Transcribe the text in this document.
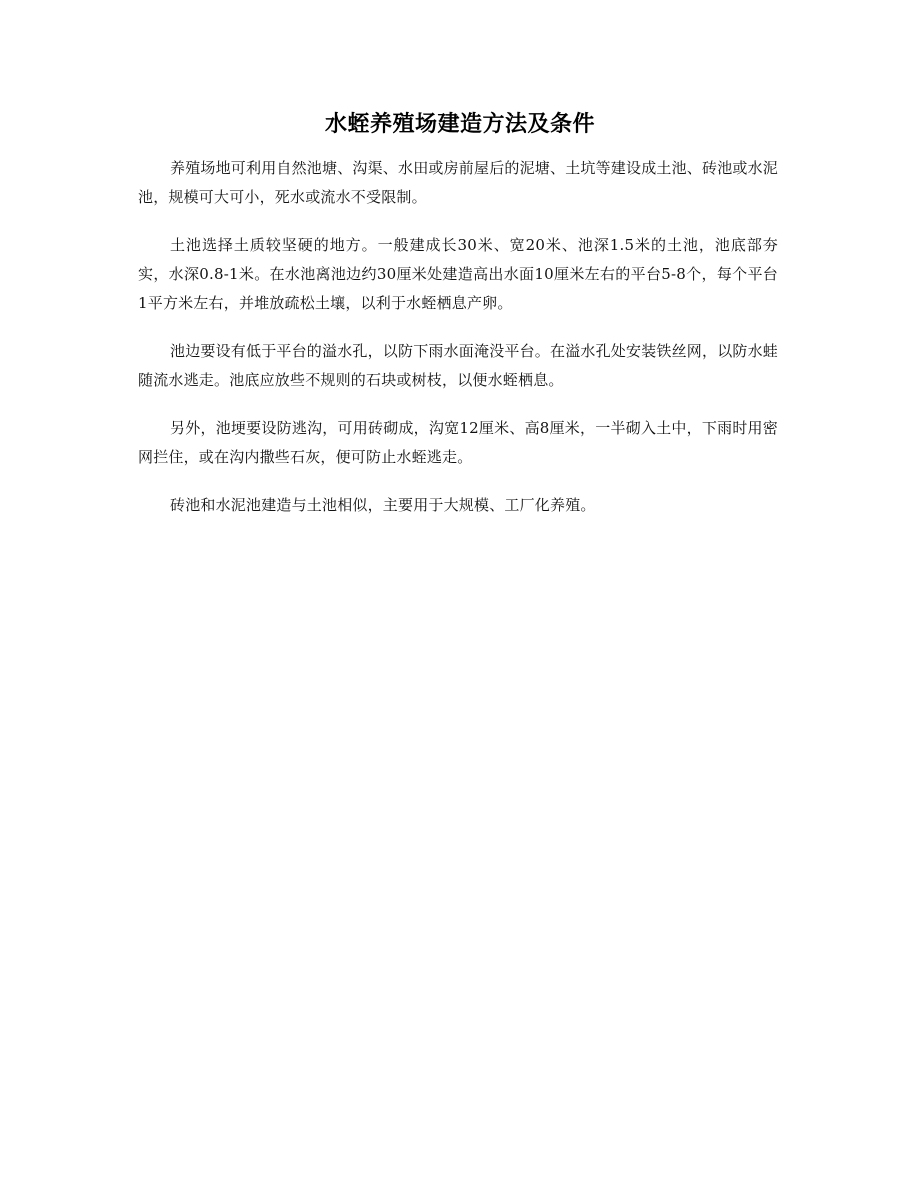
水蛭养殖场建造方法及条件

养殖场地可利用自然池塘、沟渠、水田或房前屋后的泥塘、土坑等建设成土池、砖池或水泥池，规模可大可小，死水或流水不受限制。

土池选择土质较坚硬的地方。一般建成长30米、宽20米、池深1.5米的土池，池底部夯实，水深0.8-1米。在水池离池边约30厘米处建造高出水面10厘米左右的平台5-8个，每个平台1平方米左右，并堆放疏松土壤，以利于水蛭栖息产卵。

池边要设有低于平台的溢水孔，以防下雨水面淹没平台。在溢水孔处安装铁丝网，以防水蛙随流水逃走。池底应放些不规则的石块或树枝，以便水蛭栖息。

另外，池埂要设防逃沟，可用砖砌成，沟宽12厘米、高8厘米，一半砌入土中，下雨时用密网拦住，或在沟内撒些石灰，便可防止水蛭逃走。

砖池和水泥池建造与土池相似，主要用于大规模、工厂化养殖。
